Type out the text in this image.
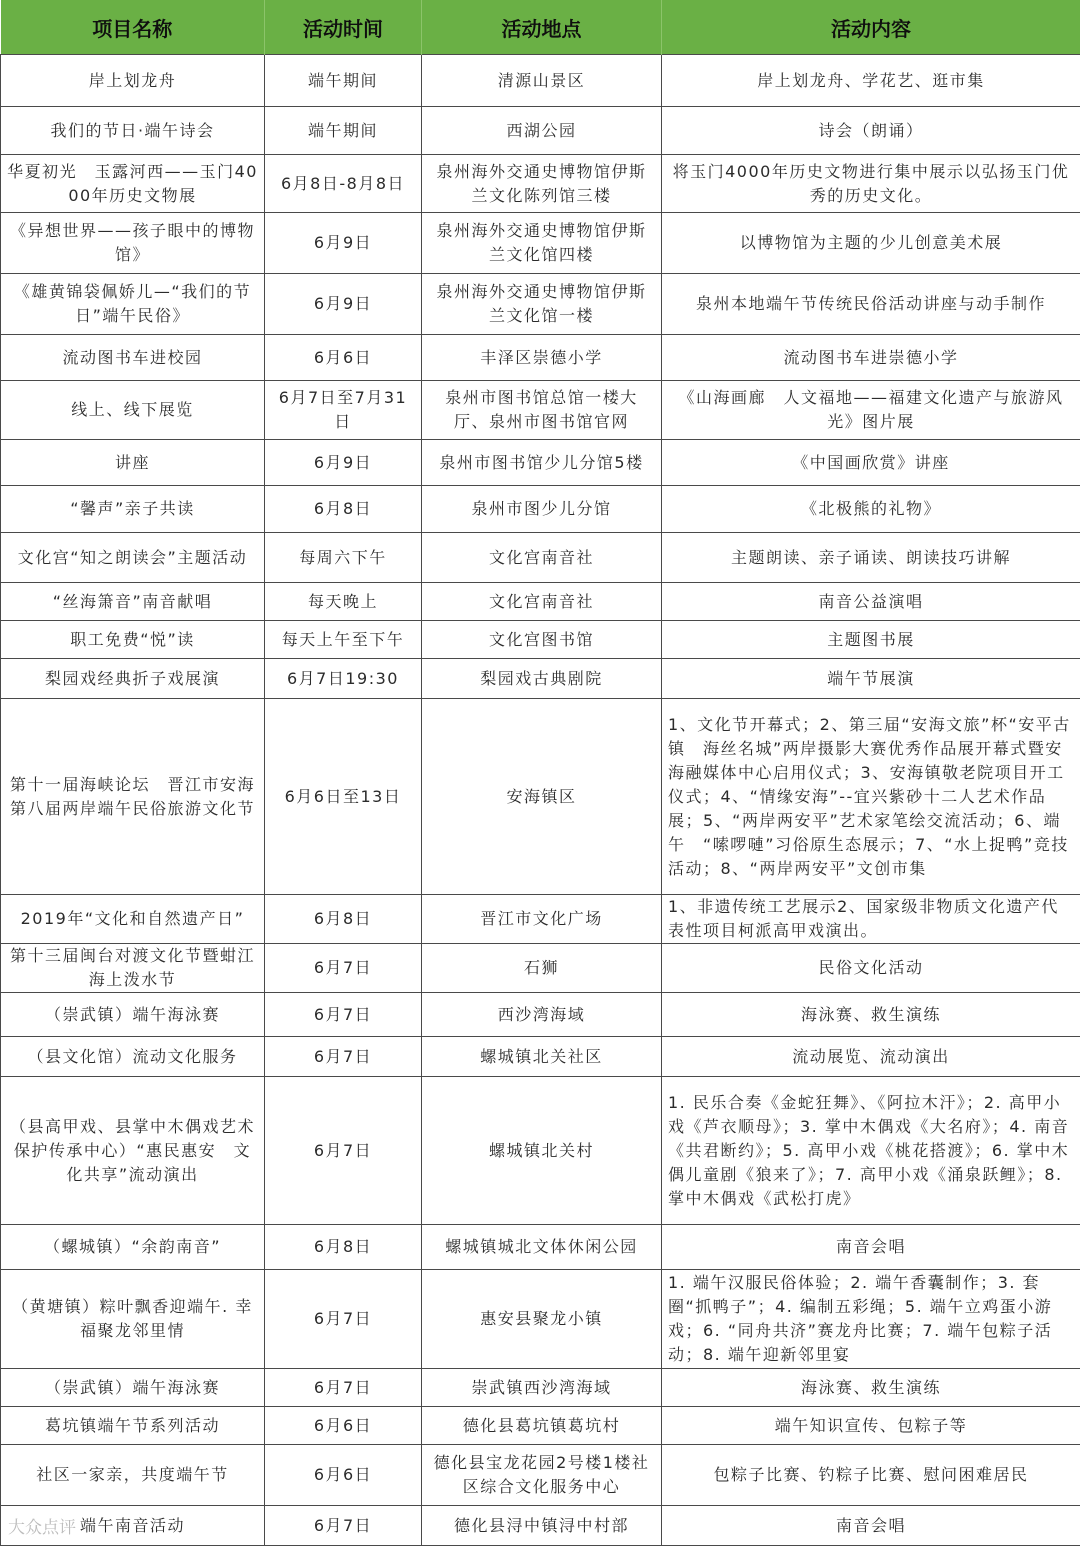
项目名称	活动时间	活动地点	活动内容
岸上划龙舟	端午期间	清源山景区	岸上划龙舟、学花艺、逛市集
我们的节日·端午诗会	端午期间	西湖公园	诗会（朗诵）
华夏初光　玉露河西——玉门4000年历史文物展	6月8日-8月8日	泉州海外交通史博物馆伊斯兰文化陈列馆三楼	将玉门4000年历史文物进行集中展示以弘扬玉门优秀的历史文化。
《异想世界——孩子眼中的博物馆》	6月9日	泉州海外交通史博物馆伊斯兰文化馆四楼	以博物馆为主题的少儿创意美术展
《雄黄锦袋佩娇儿—“我们的节日”端午民俗》	6月9日	泉州海外交通史博物馆伊斯兰文化馆一楼	泉州本地端午节传统民俗活动讲座与动手制作
流动图书车进校园	6月6日	丰泽区崇德小学	流动图书车进崇德小学
线上、线下展览	6月7日至7月31日	泉州市图书馆总馆一楼大厅、泉州市图书馆官网	《山海画廊　人文福地——福建文化遗产与旅游风光》图片展
讲座	6月9日	泉州市图书馆少儿分馆5楼	《中国画欣赏》讲座
“馨声”亲子共读	6月8日	泉州市图少儿分馆	《北极熊的礼物》
文化宫“知之朗读会”主题活动	每周六下午	文化宫南音社	主题朗读、亲子诵读、朗读技巧讲解
“丝海箫音”南音献唱	每天晚上	文化宫南音社	南音公益演唱
职工免费“悦”读	每天上午至下午	文化宫图书馆	主题图书展
梨园戏经典折子戏展演	6月7日19:30	梨园戏古典剧院	端午节展演
第十一届海峡论坛　晋江市安海第八届两岸端午民俗旅游文化节	6月6日至13日	安海镇区	1、文化节开幕式；2、第三届“安海文旅”杯“安平古镇　海丝名城”两岸摄影大赛优秀作品展开幕式暨安海融媒体中心启用仪式；3、安海镇敬老院项目开工仪式；4、“情缘安海”--宜兴紫砂十二人艺术作品展；5、“两岸两安平”艺术家笔绘交流活动；6、端午　“嗦啰嗹”习俗原生态展示；7、“水上捉鸭”竞技活动；8、“两岸两安平”文创市集
2019年“文化和自然遗产日”	6月8日	晋江市文化广场	1、非遗传统工艺展示2、国家级非物质文化遗产代表性项目柯派高甲戏演出。
第十三届闽台对渡文化节暨蚶江海上泼水节	6月7日	石狮	民俗文化活动
（崇武镇）端午海泳赛	6月7日	西沙湾海域	海泳赛、救生演练
（县文化馆）流动文化服务	6月7日	螺城镇北关社区	流动展览、流动演出
（县高甲戏、县掌中木偶戏艺术保护传承中心）“惠民惠安　文化共享”流动演出	6月7日	螺城镇北关村	1. 民乐合奏《金蛇狂舞》、《阿拉木汗》；2. 高甲小戏《芦衣顺母》；3. 掌中木偶戏《大名府》；4. 南音《共君断约》；5. 高甲小戏《桃花搭渡》；6. 掌中木偶儿童剧《狼来了》；7. 高甲小戏《涌泉跃鲤》；8. 掌中木偶戏《武松打虎》
（螺城镇）“余韵南音”	6月8日	螺城镇城北文体休闲公园	南音会唱
（黄塘镇）粽叶飘香迎端午. 幸福聚龙邻里情	6月7日	惠安县聚龙小镇	1. 端午汉服民俗体验；2. 端午香囊制作；3. 套圈“抓鸭子”；4. 编制五彩绳；5. 端午立鸡蛋小游戏；6. “同舟共济”赛龙舟比赛；7. 端午包粽子活动；8. 端午迎新邻里宴
（崇武镇）端午海泳赛	6月7日	崇武镇西沙湾海域	海泳赛、救生演练
葛坑镇端午节系列活动	6月6日	德化县葛坑镇葛坑村	端午知识宣传、包粽子等
社区一家亲，共度端午节	6月6日	德化县宝龙花园2号楼1楼社区综合文化服务中心	包粽子比赛、钓粽子比赛、慰问困难居民
端午南音活动	6月7日	德化县浔中镇浔中村部	南音会唱
大众点评
